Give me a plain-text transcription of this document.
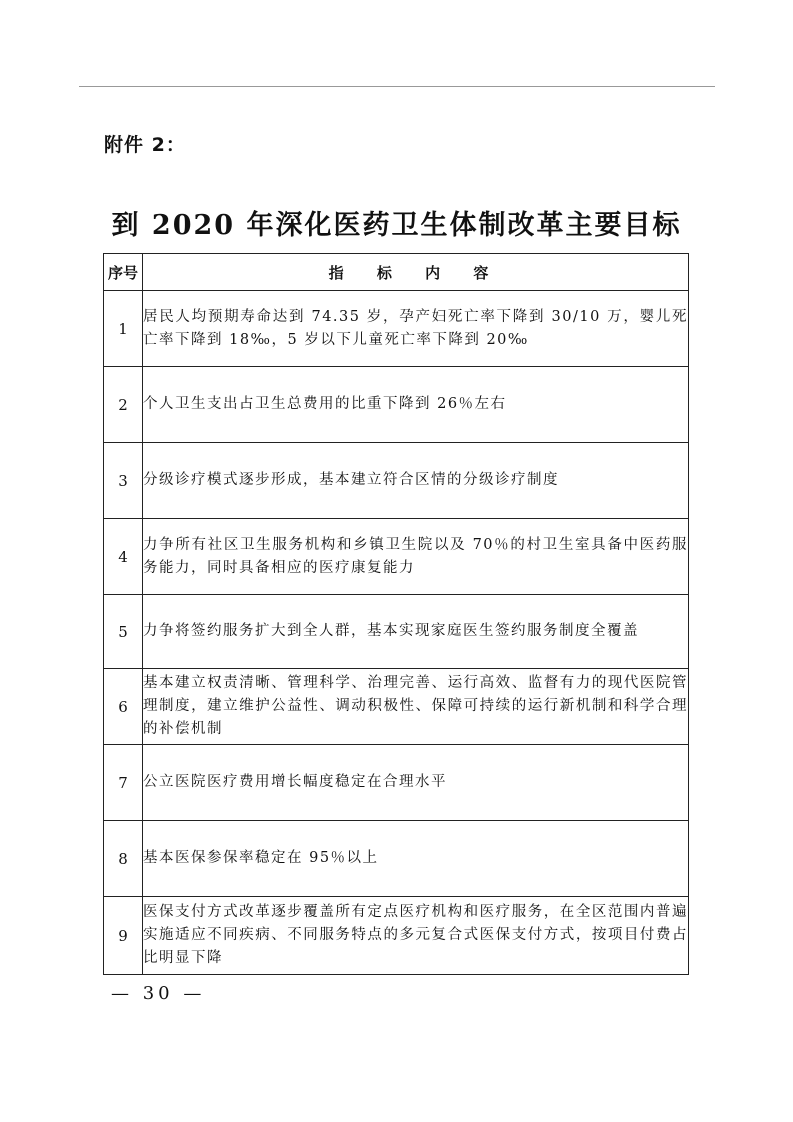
附件 2：
到 2020 年深化医药卫生体制改革主要目标
序号	指 标 内 容
1	居民人均预期寿命达到 74.35 岁，孕产妇死亡率下降到 30/10 万，婴儿死亡率下降到 18‰，5 岁以下儿童死亡率下降到 20‰
2	个人卫生支出占卫生总费用的比重下降到 26％左右
3	分级诊疗模式逐步形成，基本建立符合区情的分级诊疗制度
4	力争所有社区卫生服务机构和乡镇卫生院以及 70％的村卫生室具备中医药服务能力，同时具备相应的医疗康复能力
5	力争将签约服务扩大到全人群，基本实现家庭医生签约服务制度全覆盖
6	基本建立权责清晰、管理科学、治理完善、运行高效、监督有力的现代医院管理制度，建立维护公益性、调动积极性、保障可持续的运行新机制和科学合理的补偿机制
7	公立医院医疗费用增长幅度稳定在合理水平
8	基本医保参保率稳定在 95％以上
9	医保支付方式改革逐步覆盖所有定点医疗机构和医疗服务，在全区范围内普遍实施适应不同疾病、不同服务特点的多元复合式医保支付方式，按项目付费占比明显下降
— 30 —
